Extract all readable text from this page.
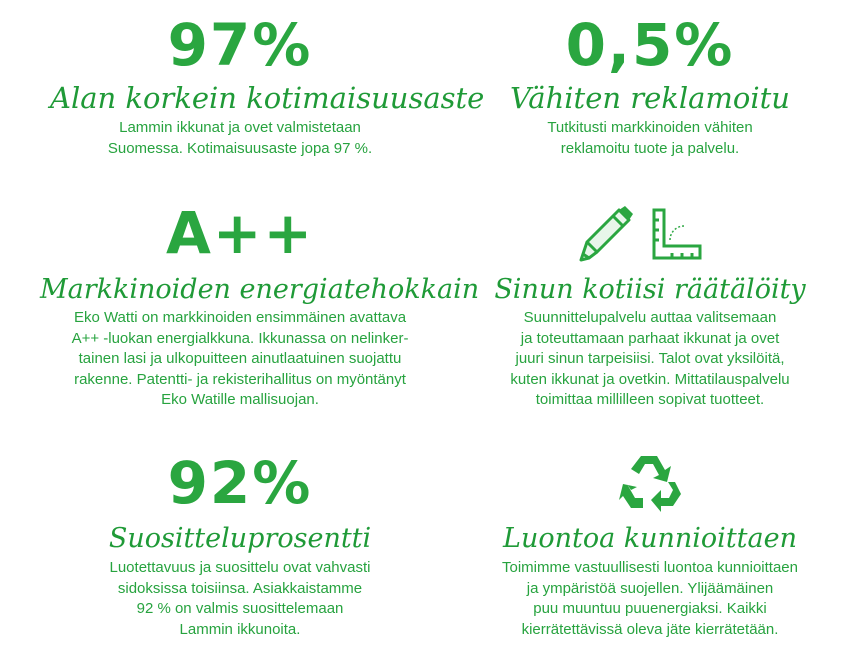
97%
Alan korkein kotimaisuusaste

Lammin ikkunat ja ovet valmistetaan

Suomessa. Kotimaisuusaste jopa 97 %.

0,5%
Vähiten reklamoitu

Tutkitusti markkinoiden vähiten

reklamoitu tuote ja palvelu.

A++
Markkinoiden energiatehokkain

Eko Watti on markkinoiden ensimmäinen avattava

A++ -luokan energialkkuna. Ikkunassa on nelinker-

tainen lasi ja ulkopuitteen ainutlaatuinen suojattu

rakenne. Patentti- ja rekisterihallitus on myöntänyt

Eko Watille mallisuojan.

Sinun kotiisi räätälöity

Suunnittelupalvelu auttaa valitsemaan

ja toteuttamaan parhaat ikkunat ja ovet

juuri sinun tarpeisiisi. Talot ovat yksilöitä,

kuten ikkunat ja ovetkin. Mittatilauspalvelu

toimittaa millilleen sopivat tuotteet.

92%
Suositteluprosentti

Luotettavuus ja suosittelu ovat vahvasti

sidoksissa toisiinsa. Asiakkaistamme

92 % on valmis suosittelemaan

Lammin ikkunoita.

Luontoa kunnioittaen

Toimimme vastuullisesti luontoa kunnioittaen

ja ympäristöä suojellen. Ylijäämäinen

puu muuntuu puuenergiaksi. Kaikki

kierrätettävissä oleva jäte kierrätetään.
